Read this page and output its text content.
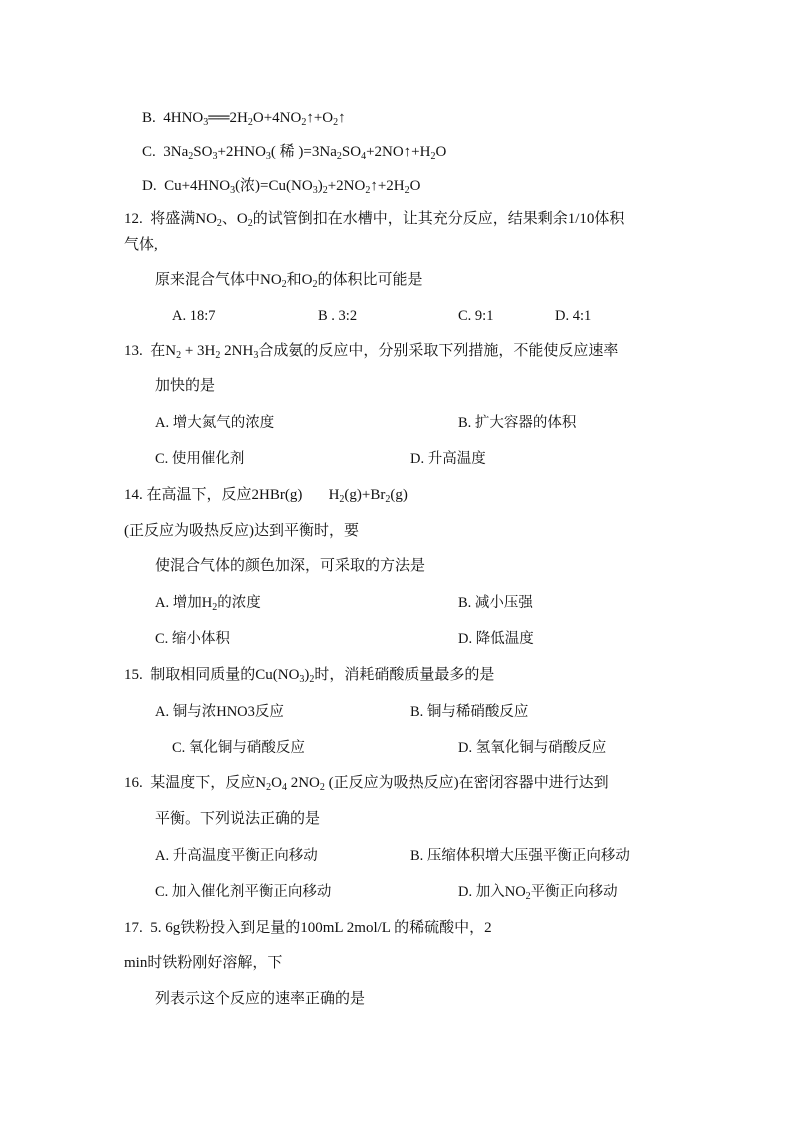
B. $4HNO_3══2H_2O+4NO_2↑+O_2↑$
C. $3Na_2SO_3+2HNO_3$( 稀 )$=3Na_2SO_4+2NO↑+H_2O$
D. $Cu+4HNO_3$(浓)$=Cu(NO_3)_2+2NO_2↑+2H_2O$
12. 将盛满$NO_2$、$O_2$的试管倒扣在水槽中，让其充分反应，结果剩余1/10体积
气体,
原来混合气体中$NO_2$和$O_2$的体积比可能是
A. 18:7	B . 3:2	C. 9:1	D. 4:1
13. 在$N_2 + 3H_2$ $2NH_3$合成氨的反应中，分别采取下列措施，不能使反应速率
加快的是
A. 增大氮气的浓度	B. 扩大容器的体积
C. 使用催化剂	D. 升高温度
14. 在高温下，反应2HBr(g) $H_2(g)+Br_2(g)$
(正反应为吸热反应)达到平衡时，要
使混合气体的颜色加深，可采取的方法是
A. 增加$H_2$的浓度	B. 减小压强
C. 缩小体积	D. 降低温度
15. 制取相同质量的$Cu(NO_3)_2$时，消耗硝酸质量最多的是
A. 铜与浓HNO3反应	B. 铜与稀硝酸反应
C. 氧化铜与硝酸反应	D. 氢氧化铜与硝酸反应
16. 某温度下，反应$N_2O_4$ $2NO_2$ (正反应为吸热反应)在密闭容器中进行达到
平衡。下列说法正确的是
A. 升高温度平衡正向移动	B. 压缩体积增大压强平衡正向移动
C. 加入催化剂平衡正向移动	D. 加入$NO_2$平衡正向移动
17. 5. 6g铁粉投入到足量的100mL 2mol/L 的稀硫酸中，2
min时铁粉刚好溶解，下
列表示这个反应的速率正确的是
